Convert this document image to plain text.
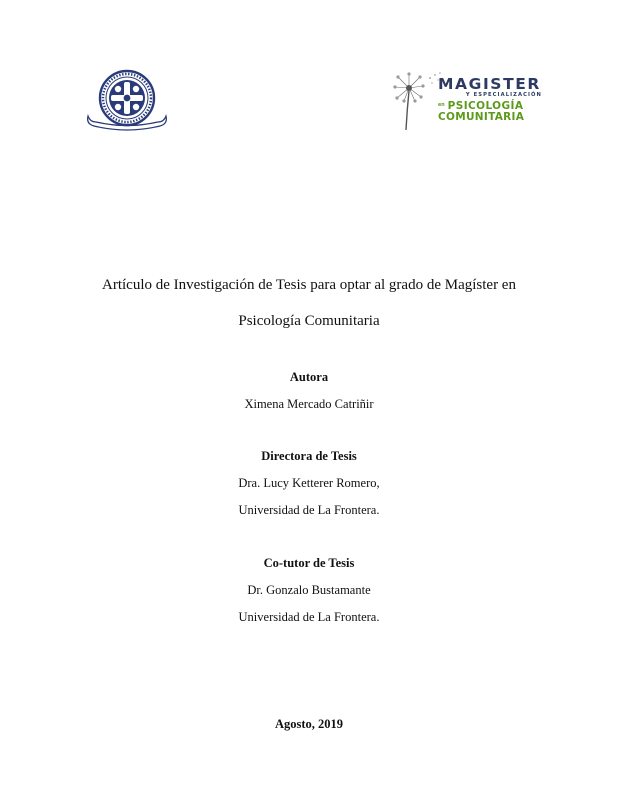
MAGISTER
Y ESPECIALIZACIÓN
en PSICOLOGÍA
COMUNITARIA
Artículo de Investigación de Tesis para optar al grado de Magíster en
Psicología Comunitaria
Autora
Ximena Mercado Catriñir
Directora de Tesis
Dra. Lucy Ketterer Romero,
Universidad de La Frontera.
Co-tutor de Tesis
Dr. Gonzalo Bustamante
Universidad de La Frontera.
Agosto, 2019
